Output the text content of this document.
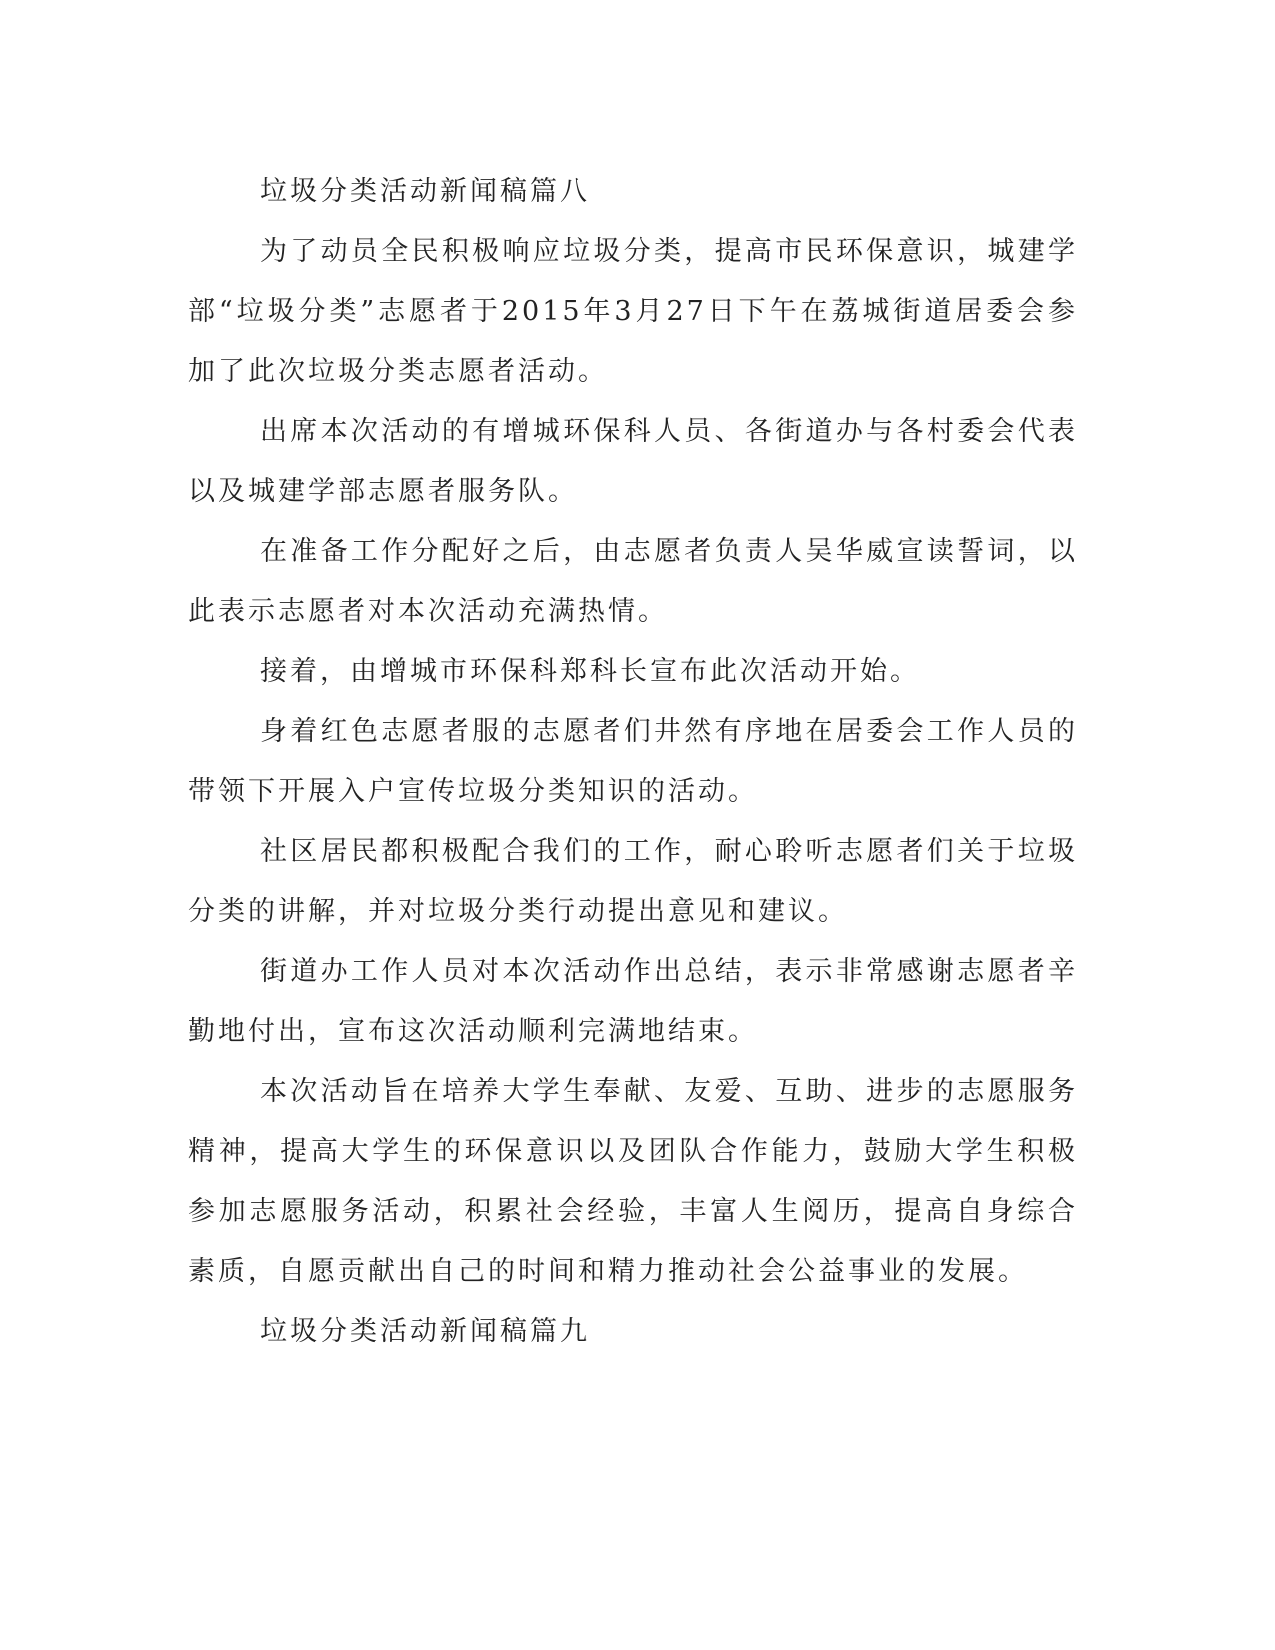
垃圾分类活动新闻稿篇八

为了动员全民积极响应垃圾分类，提高市民环保意识，城建学部“垃圾分类”志愿者于2015年3月27日下午在荔城街道居委会参加了此次垃圾分类志愿者活动。

出席本次活动的有增城环保科人员、各街道办与各村委会代表以及城建学部志愿者服务队。

在准备工作分配好之后，由志愿者负责人吴华威宣读誓词，以此表示志愿者对本次活动充满热情。

接着，由增城市环保科郑科长宣布此次活动开始。

身着红色志愿者服的志愿者们井然有序地在居委会工作人员的带领下开展入户宣传垃圾分类知识的活动。

社区居民都积极配合我们的工作，耐心聆听志愿者们关于垃圾分类的讲解，并对垃圾分类行动提出意见和建议。

街道办工作人员对本次活动作出总结，表示非常感谢志愿者辛勤地付出，宣布这次活动顺利完满地结束。

本次活动旨在培养大学生奉献、友爱、互助、进步的志愿服务精神，提高大学生的环保意识以及团队合作能力，鼓励大学生积极参加志愿服务活动，积累社会经验，丰富人生阅历，提高自身综合素质，自愿贡献出自己的时间和精力推动社会公益事业的发展。

垃圾分类活动新闻稿篇九
